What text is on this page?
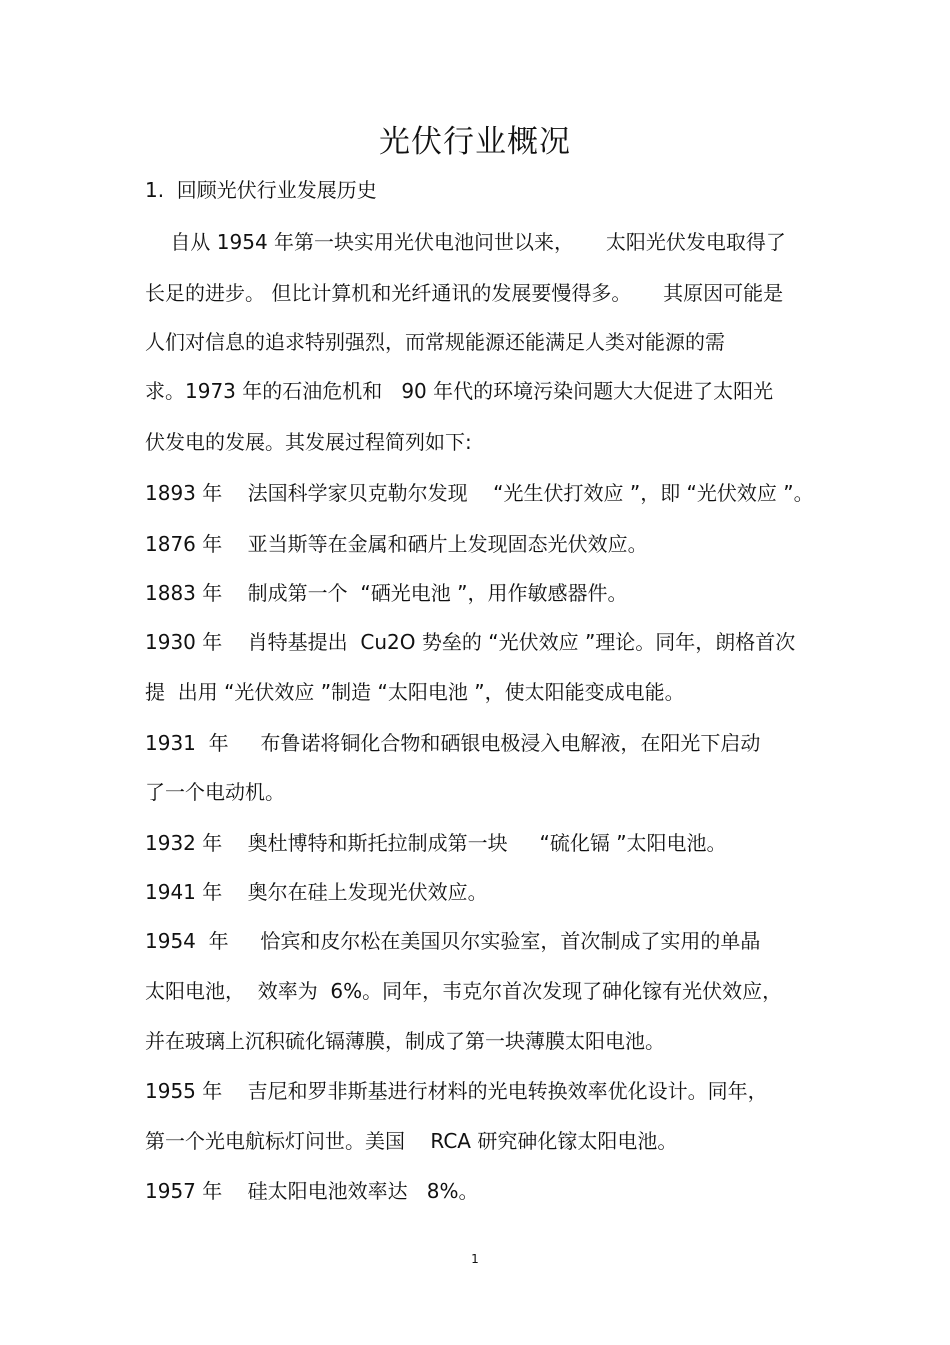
光伏行业概况
1.  回顾光伏行业发展历史
自从 1954 年第一块实用光伏电池问世以来，     太阳光伏发电取得了
长足的进步。 但比计算机和光纤通讯的发展要慢得多。     其原因可能是
人们对信息的追求特别强烈，而常规能源还能满足人类对能源的需
求。1973 年的石油危机和   90 年代的环境污染问题大大促进了太阳光
伏发电的发展。其发展过程简列如下:
1893 年    法国科学家贝克勒尔发现    “光生伏打效应 ”，即 “光伏效应 ”。
1876 年    亚当斯等在金属和硒片上发现固态光伏效应。
1883 年    制成第一个  “硒光电池 ”，用作敏感器件。
1930 年    肖特基提出  Cu2O 势垒的 “光伏效应 ”理论。同年，朗格首次
提  出用 “光伏效应 ”制造 “太阳电池 ”，使太阳能变成电能。
1931  年     布鲁诺将铜化合物和硒银电极浸入电解液，在阳光下启动
了一个电动机。
1932 年    奥杜博特和斯托拉制成第一块     “硫化镉 ”太阳电池。
1941 年    奥尔在硅上发现光伏效应。
1954  年     恰宾和皮尔松在美国贝尔实验室，首次制成了实用的单晶
太阳电池，  效率为  6%。同年，韦克尔首次发现了砷化镓有光伏效应，
并在玻璃上沉积硫化镉薄膜，制成了第一块薄膜太阳电池。
1955 年    吉尼和罗非斯基进行材料的光电转换效率优化设计。同年，
第一个光电航标灯问世。美国    RCA 研究砷化镓太阳电池。
1957 年    硅太阳电池效率达   8%。
1
